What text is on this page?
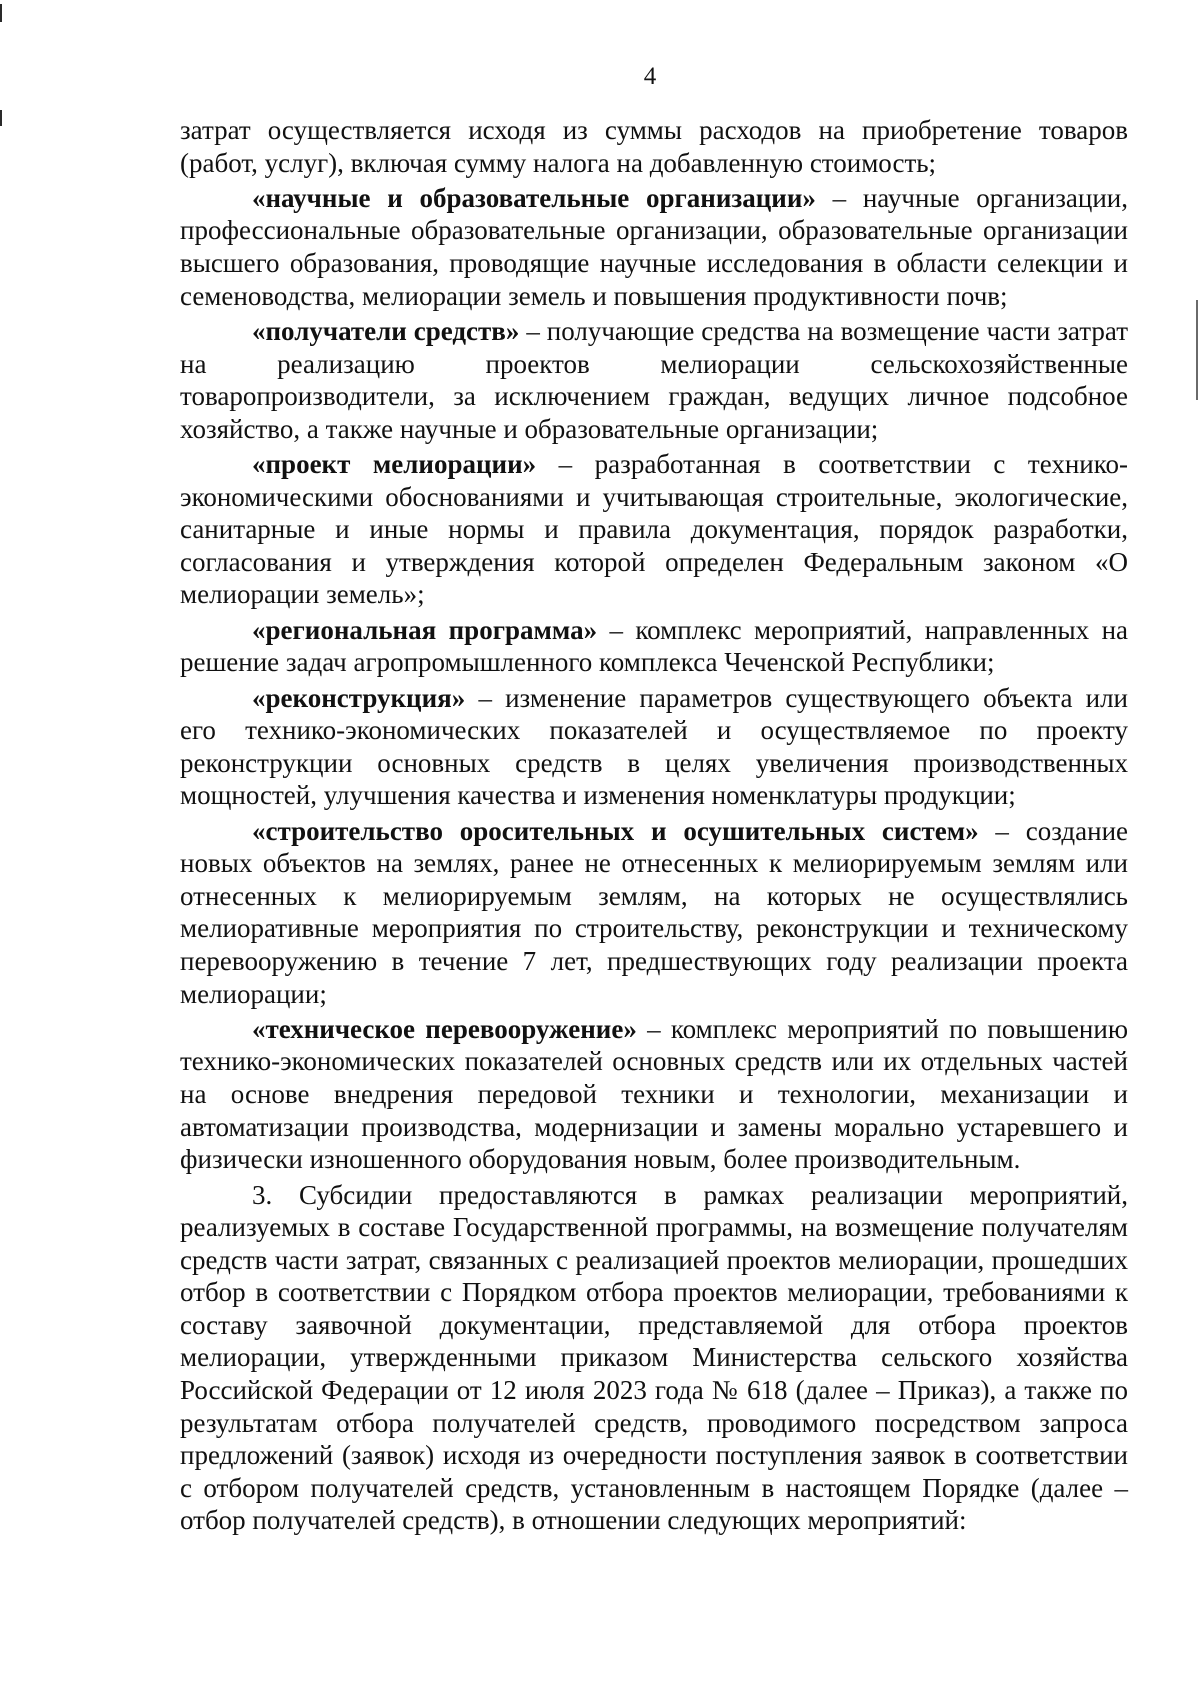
4

затрат осуществляется исходя из суммы расходов на приобретение товаров (работ, услуг), включая сумму налога на добавленную стоимость;

«научные и образовательные организации» – научные организации, профессиональные образовательные организации, образовательные организации высшего образования, проводящие научные исследования в области селекции и семеноводства, мелиорации земель и повышения продуктивности почв;

«получатели средств» – получающие средства на возмещение части затрат на реализацию проектов мелиорации сельскохозяйственные товаропроизводители, за исключением граждан, ведущих личное подсобное хозяйство, а также научные и образовательные организации;

«проект мелиорации» – разработанная в соответствии с технико-экономическими обоснованиями и учитывающая строительные, экологические, санитарные и иные нормы и правила документация, порядок разработки, согласования и утверждения которой определен Федеральным законом «О мелиорации земель»;

«региональная программа» – комплекс мероприятий, направленных на решение задач агропромышленного комплекса Чеченской Республики;

«реконструкция» – изменение параметров существующего объекта или его технико-экономических показателей и осуществляемое по проекту реконструкции основных средств в целях увеличения производственных мощностей, улучшения качества и изменения номенклатуры продукции;

«строительство оросительных и осушительных систем» – создание новых объектов на землях, ранее не отнесенных к мелиорируемым землям или отнесенных к мелиорируемым землям, на которых не осуществлялись мелиоративные мероприятия по строительству, реконструкции и техническому перевооружению в течение 7 лет, предшествующих году реализации проекта мелиорации;

«техническое перевооружение» – комплекс мероприятий по повышению технико-экономических показателей основных средств или их отдельных частей на основе внедрения передовой техники и технологии, механизации и автоматизации производства, модернизации и замены морально устаревшего и физически изношенного оборудования новым, более производительным.

3. Субсидии предоставляются в рамках реализации мероприятий, реализуемых в составе Государственной программы, на возмещение получателям средств части затрат, связанных с реализацией проектов мелиорации, прошедших отбор в соответствии с Порядком отбора проектов мелиорации, требованиями к составу заявочной документации, представляемой для отбора проектов мелиорации, утвержденными приказом Министерства сельского хозяйства Российской Федерации от 12 июля 2023 года № 618 (далее – Приказ), а также по результатам отбора получателей средств, проводимого посредством запроса предложений (заявок) исходя из очередности поступления заявок в соответствии с отбором получателей средств, установленным в настоящем Порядке (далее – отбор получателей средств), в отношении следующих мероприятий:
